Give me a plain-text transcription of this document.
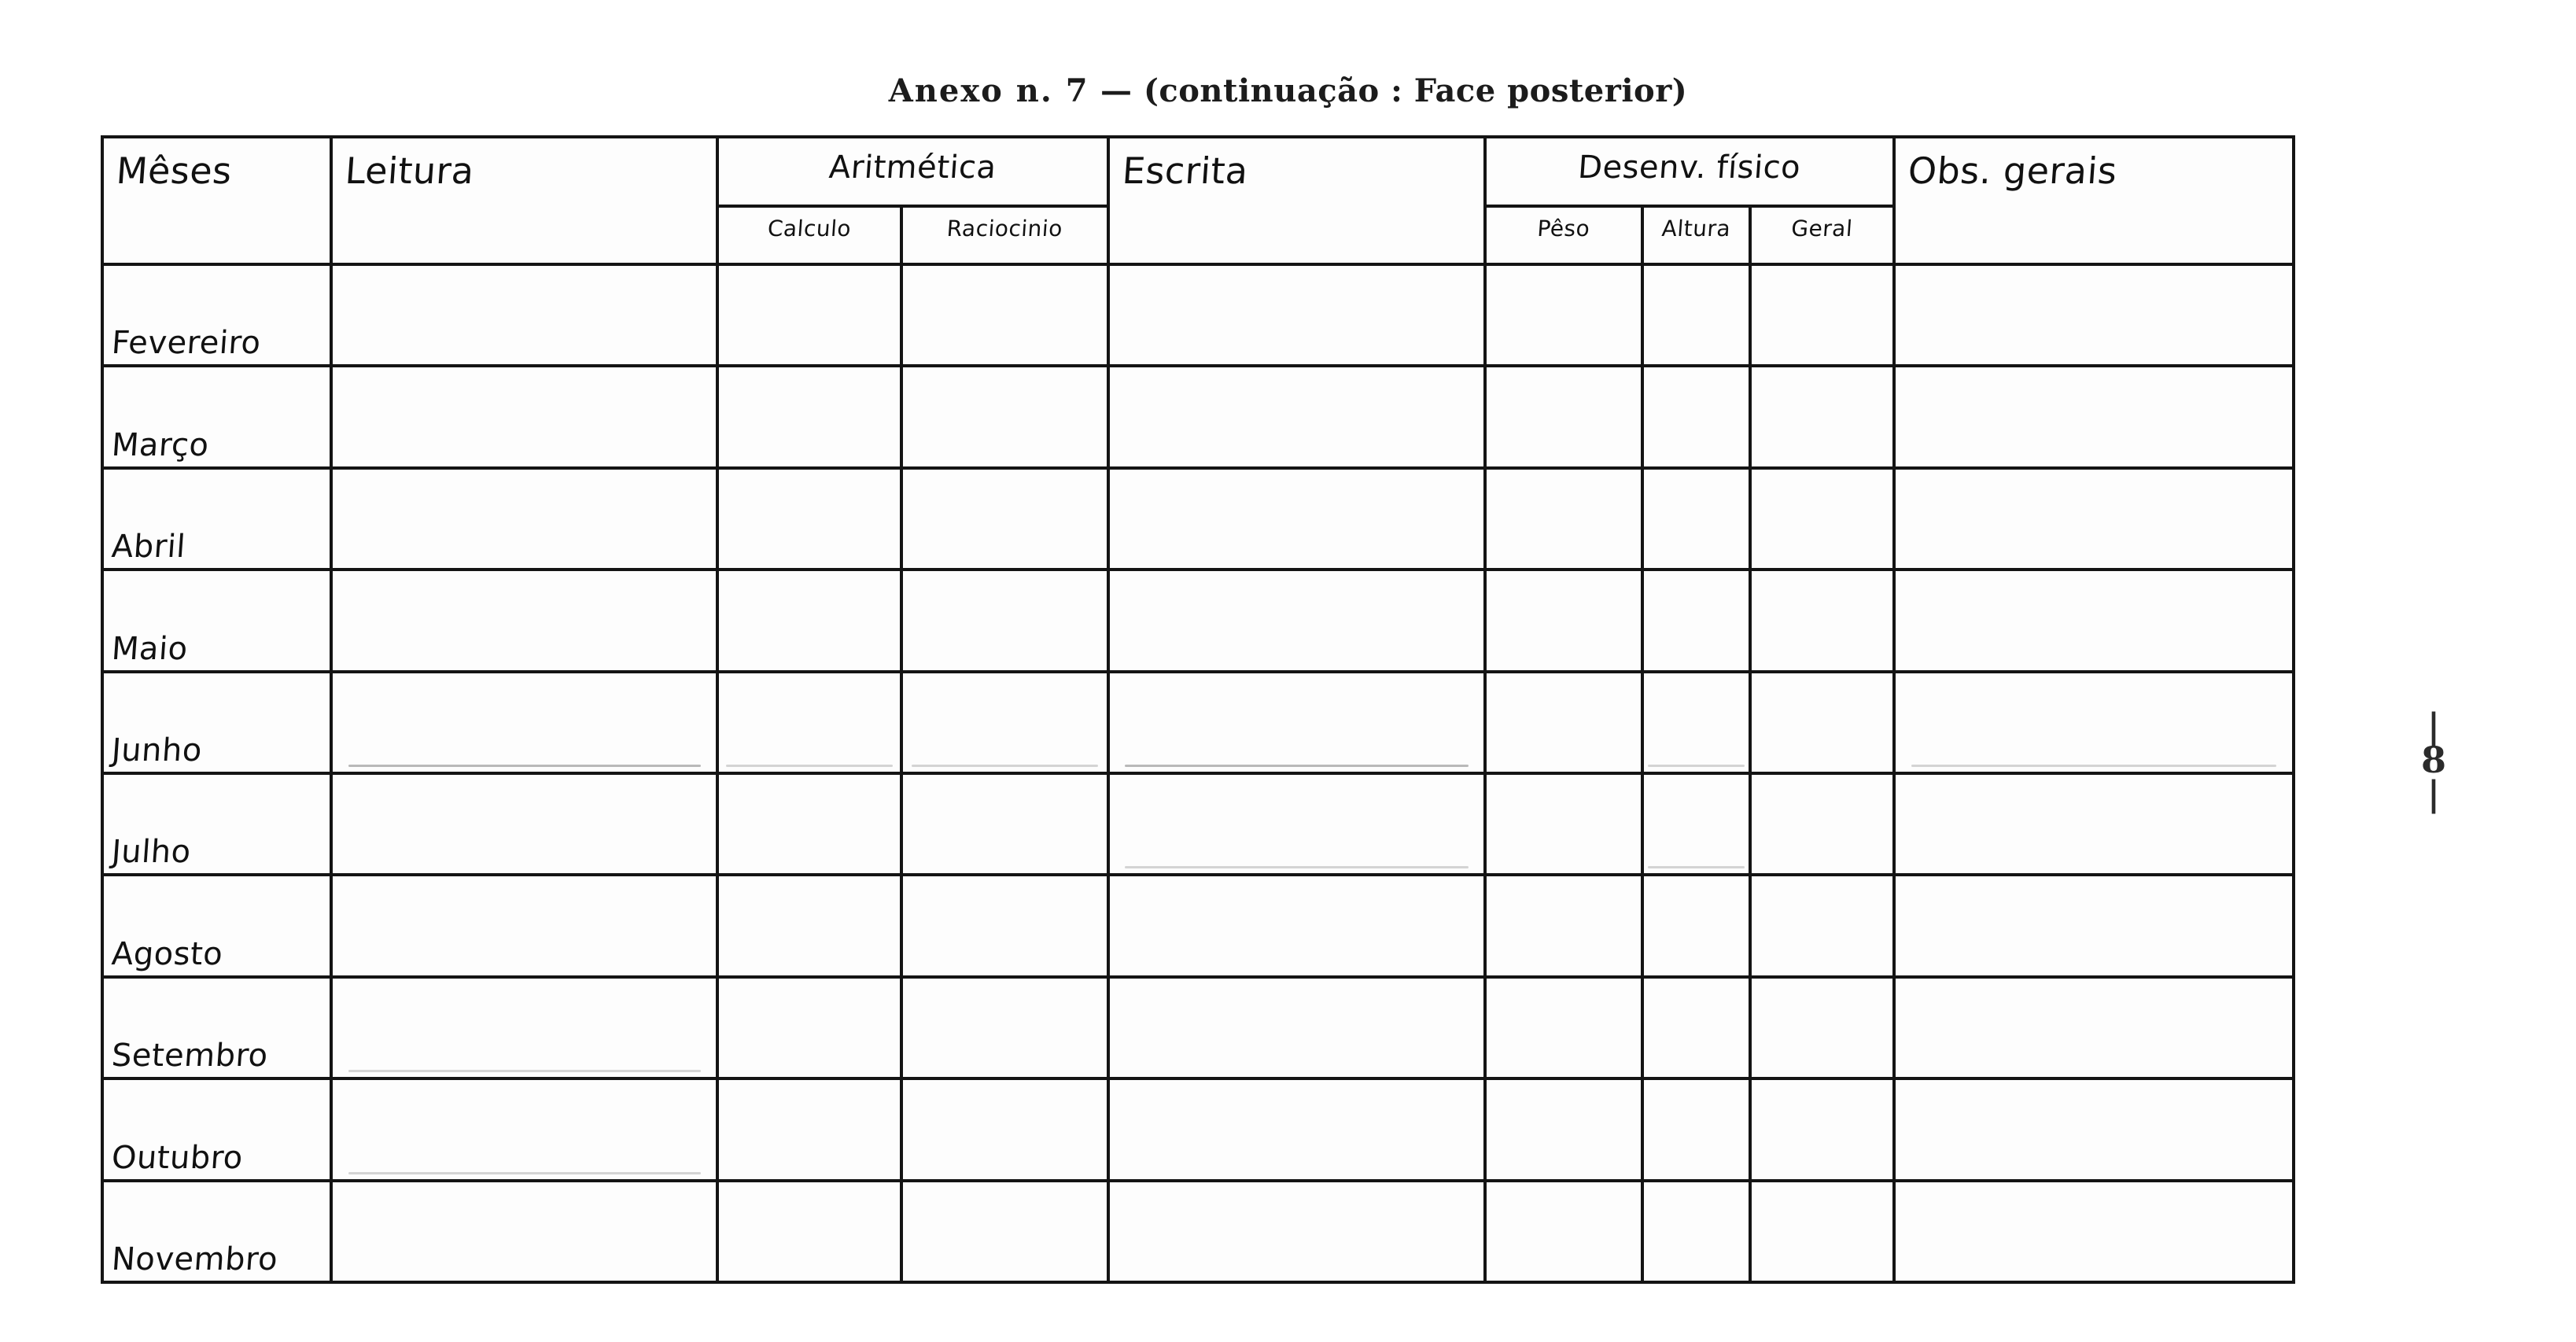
Anexo n. 7 — (continuação : Face posterior)
|
8
|
Mêses	Leitura	Aritmética		Escrita	Desenv. físico			Obs. gerais

		Calculo	Raciocinio		Pêso	Altura	Geral	

Fevereiro								

Março								

Abril								

Maio								

Junho								

Julho								

Agosto								

Setembro								

Outubro								

Novembro								
